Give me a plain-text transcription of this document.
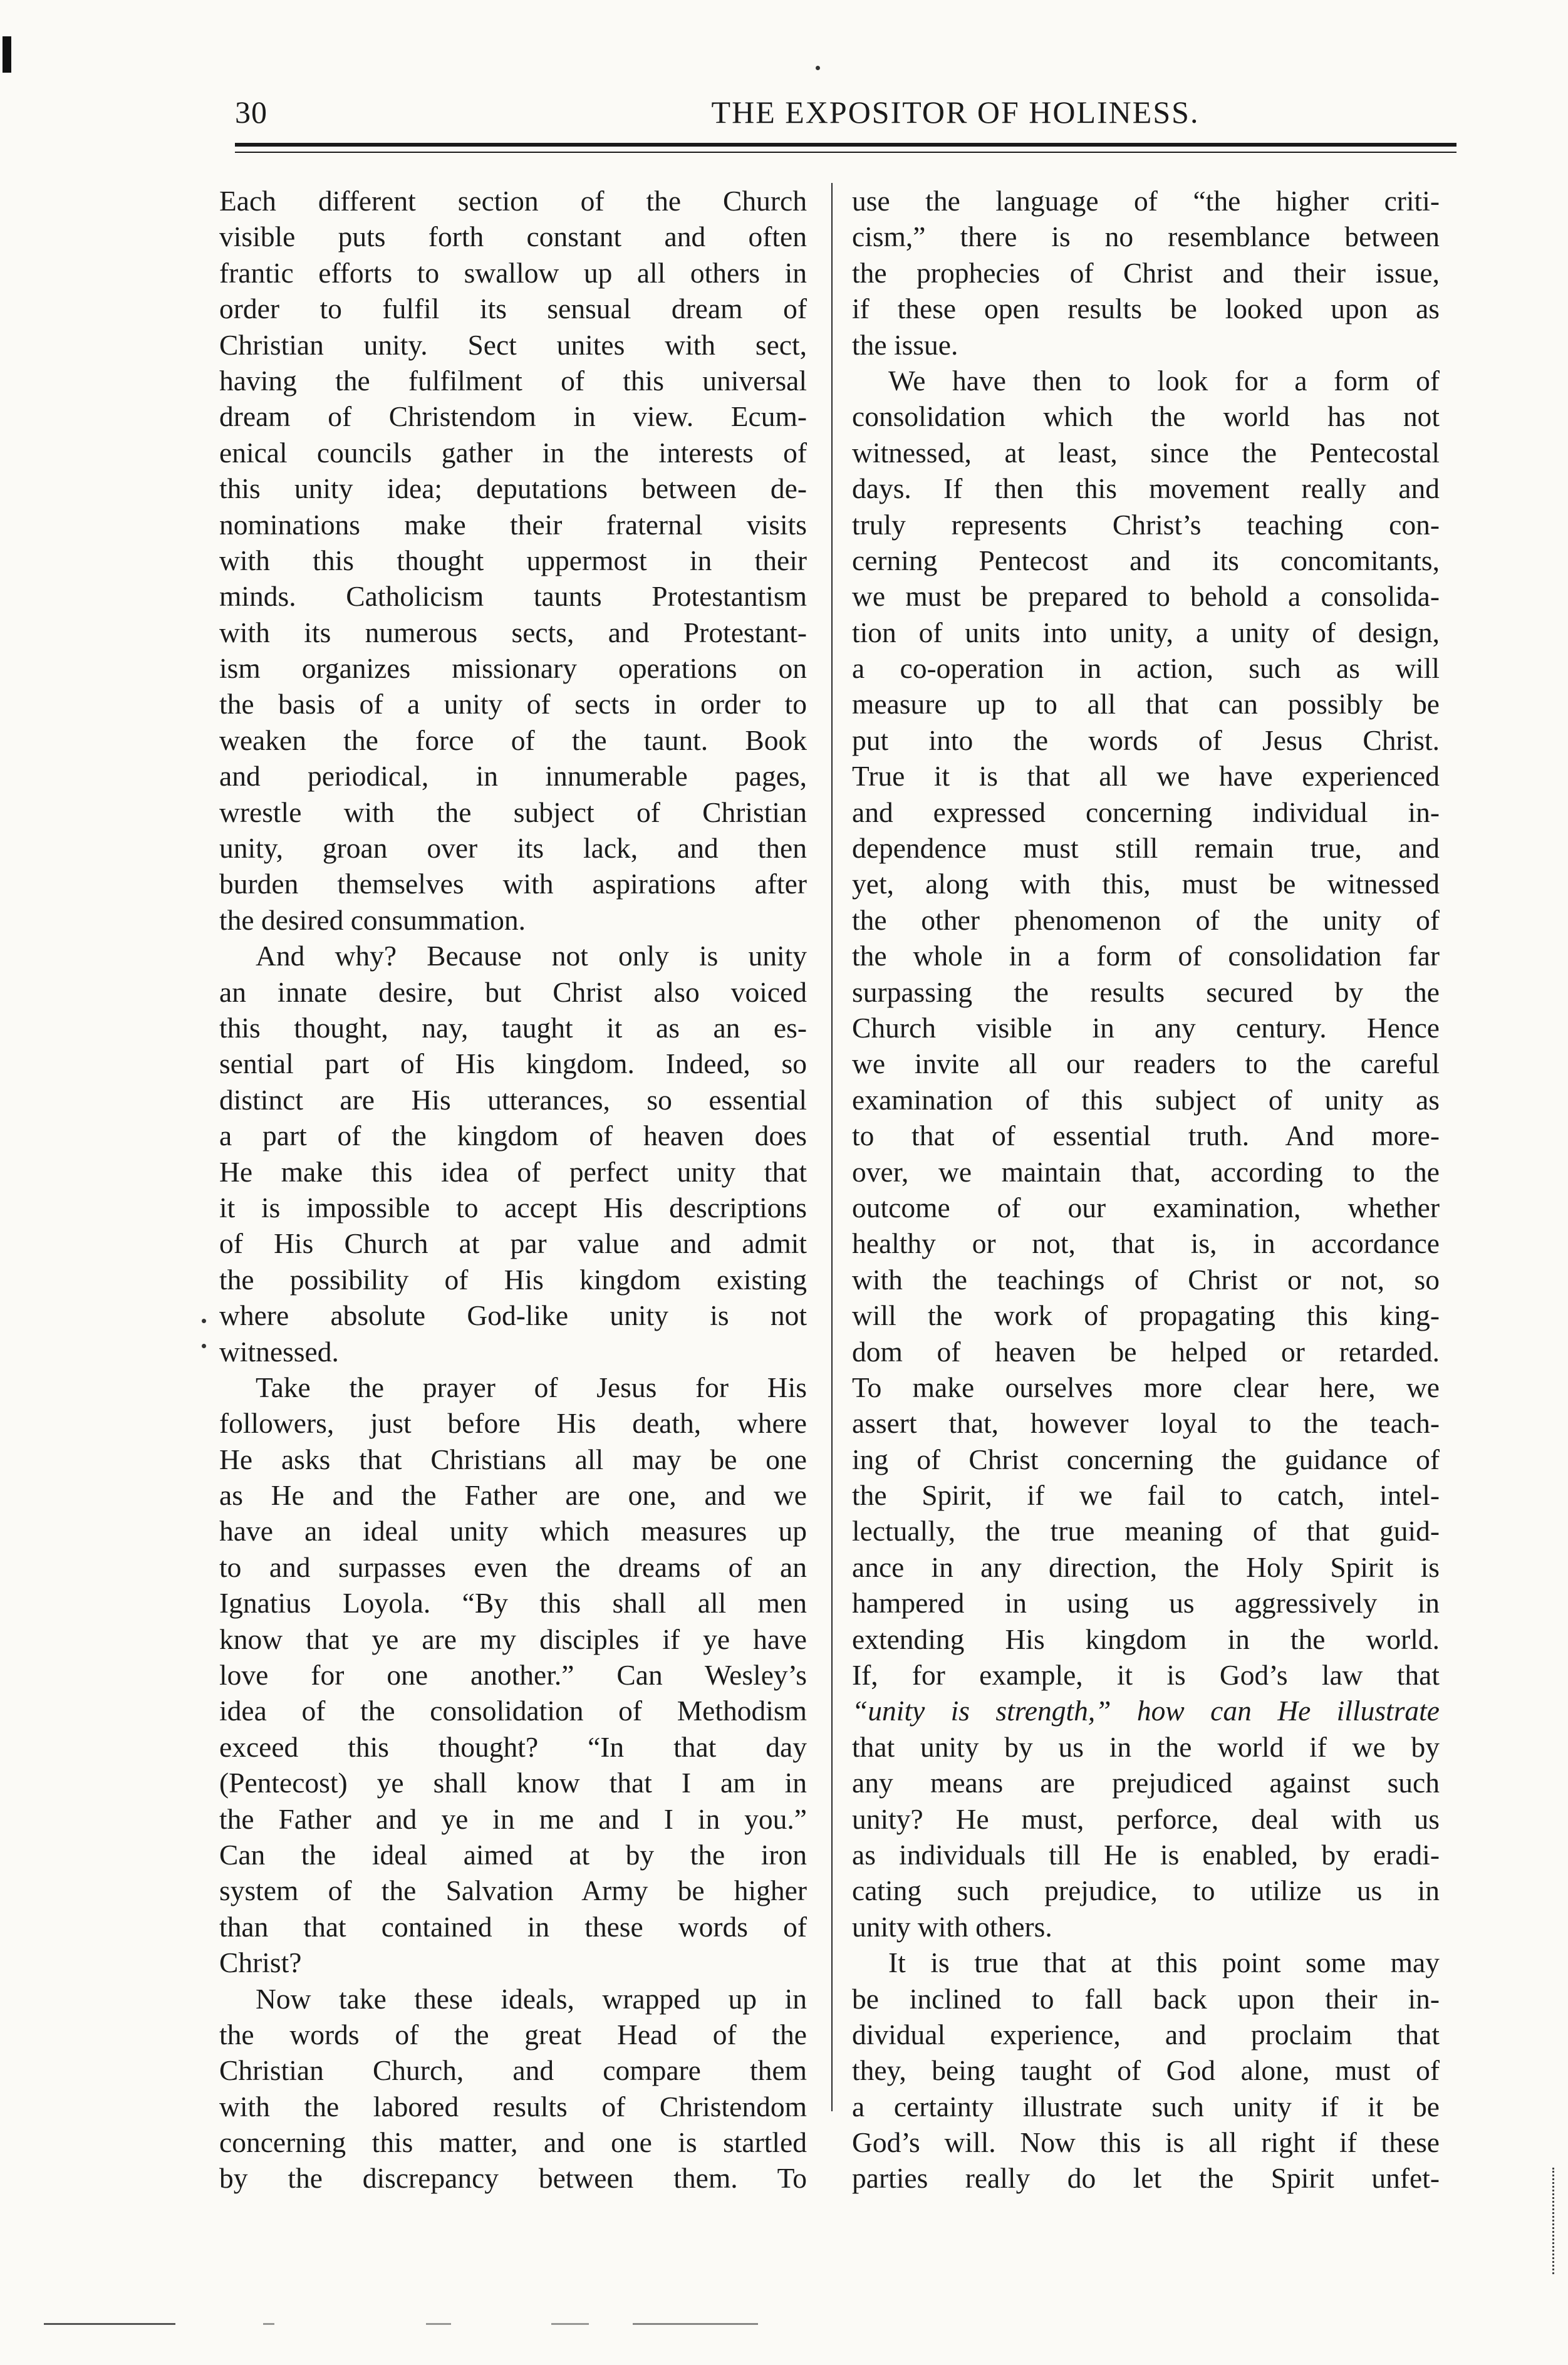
30	THE EXPOSITOR OF HOLINESS.
Each different section of the Church
visible puts forth constant and often
frantic efforts to swallow up all others in
order to fulfil its sensual dream of
Christian unity. Sect unites with sect,
having the fulfilment of this universal
dream of Christendom in view. Ecum-
enical councils gather in the interests of
this unity idea; deputations between de-
nominations make their fraternal visits
with this thought uppermost in their
minds. Catholicism taunts Protestantism
with its numerous sects, and Protestant-
ism organizes missionary operations on
the basis of a unity of sects in order to
weaken the force of the taunt. Book
and periodical, in innumerable pages,
wrestle with the subject of Christian
unity, groan over its lack, and then
burden themselves with aspirations after
the desired consummation.
And why? Because not only is unity
an innate desire, but Christ also voiced
this thought, nay, taught it as an es-
sential part of His kingdom. Indeed, so
distinct are His utterances, so essential
a part of the kingdom of heaven does
He make this idea of perfect unity that
it is impossible to accept His descriptions
of His Church at par value and admit
the possibility of His kingdom existing
where absolute God-like unity is not
witnessed.
Take the prayer of Jesus for His
followers, just before His death, where
He asks that Christians all may be one
as He and the Father are one, and we
have an ideal unity which measures up
to and surpasses even the dreams of an
Ignatius Loyola. “By this shall all men
know that ye are my disciples if ye have
love for one another.” Can Wesley’s
idea of the consolidation of Methodism
exceed this thought? “In that day
(Pentecost) ye shall know that I am in
the Father and ye in me and I in you.”
Can the ideal aimed at by the iron
system of the Salvation Army be higher
than that contained in these words of
Christ?
Now take these ideals, wrapped up in
the words of the great Head of the
Christian Church, and compare them
with the labored results of Christendom
concerning this matter, and one is startled
by the discrepancy between them. To
use the language of “the higher criti-
cism,” there is no resemblance between
the prophecies of Christ and their issue,
if these open results be looked upon as
the issue.
We have then to look for a form of
consolidation which the world has not
witnessed, at least, since the Pentecostal
days. If then this movement really and
truly represents Christ’s teaching con-
cerning Pentecost and its concomitants,
we must be prepared to behold a consolida-
tion of units into unity, a unity of design,
a co-operation in action, such as will
measure up to all that can possibly be
put into the words of Jesus Christ.
True it is that all we have experienced
and expressed concerning individual in-
dependence must still remain true, and
yet, along with this, must be witnessed
the other phenomenon of the unity of
the whole in a form of consolidation far
surpassing the results secured by the
Church visible in any century. Hence
we invite all our readers to the careful
examination of this subject of unity as
to that of essential truth. And more-
over, we maintain that, according to the
outcome of our examination, whether
healthy or not, that is, in accordance
with the teachings of Christ or not, so
will the work of propagating this king-
dom of heaven be helped or retarded.
To make ourselves more clear here, we
assert that, however loyal to the teach-
ing of Christ concerning the guidance of
the Spirit, if we fail to catch, intel-
lectually, the true meaning of that guid-
ance in any direction, the Holy Spirit is
hampered in using us aggressively in
extending His kingdom in the world.
If, for example, it is God’s law that
“unity is strength,” how can He illustrate
that unity by us in the world if we by
any means are prejudiced against such
unity? He must, perforce, deal with us
as individuals till He is enabled, by eradi-
cating such prejudice, to utilize us in
unity with others.
It is true that at this point some may
be inclined to fall back upon their in-
dividual experience, and proclaim that
they, being taught of God alone, must of
a certainty illustrate such unity if it be
God’s will. Now this is all right if these
parties really do let the Spirit unfet-
